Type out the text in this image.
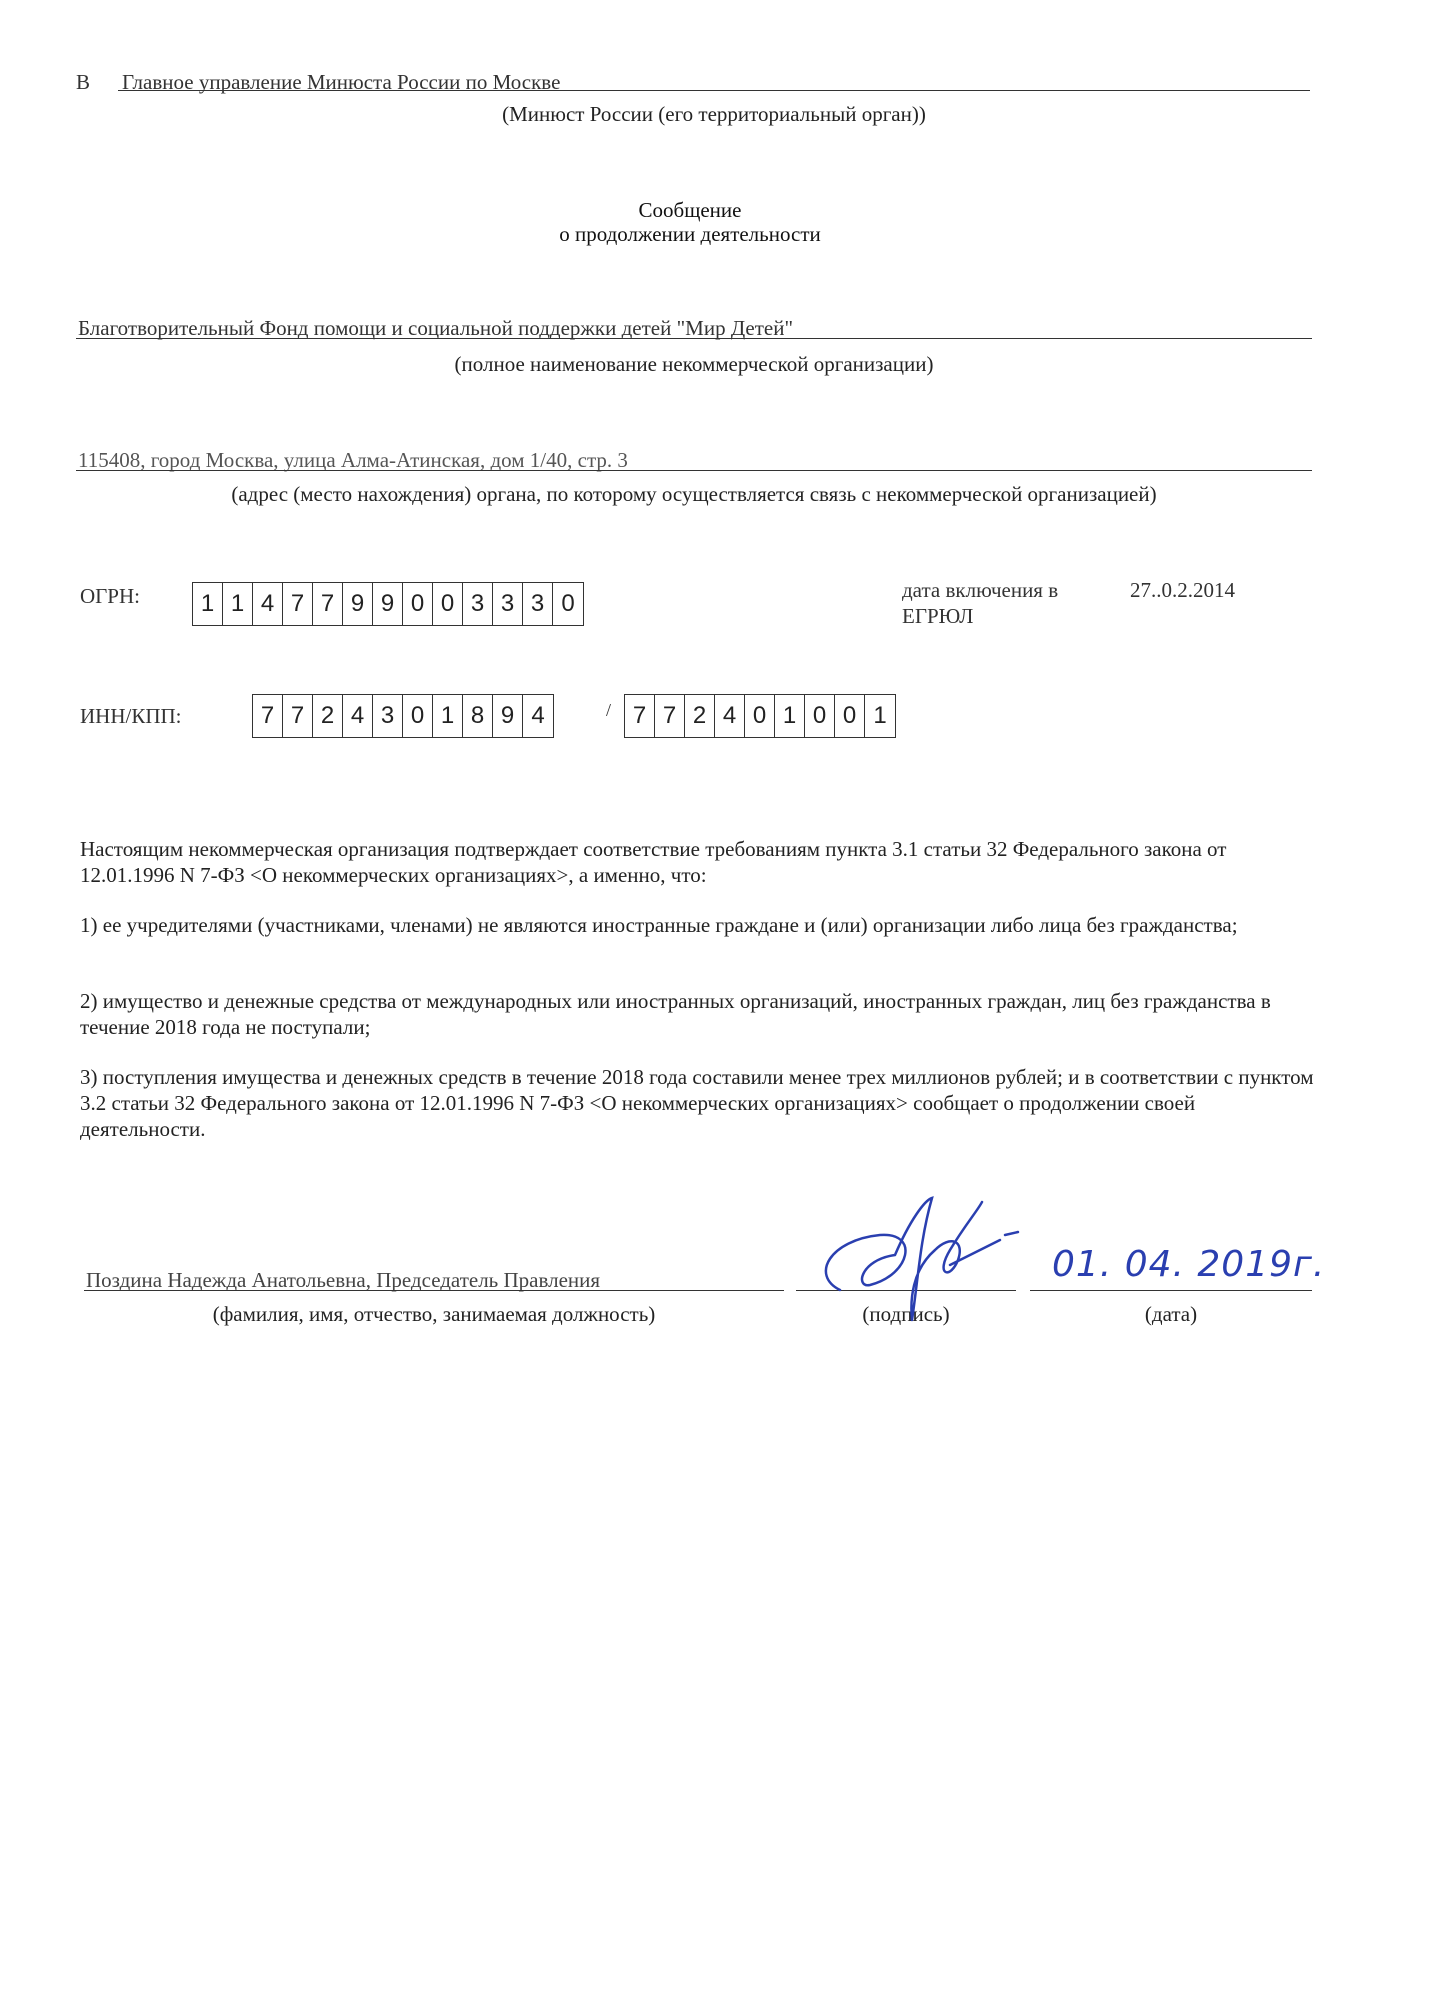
В Главное управление Минюста России по Москве
(Минюст России (его территориальный орган))
Сообщение
о продолжении деятельности
Благотворительный Фонд помощи и социальной поддержки детей "Мир Детей"
(полное наименование некоммерческой организации)
115408, город Москва, улица Алма-Атинская, дом 1/40, стр. 3
(адрес (место нахождения) органа, по которому осуществляется связь с некоммерческой организацией)
ОГРН:	1 1 4 7 7 9 9 0 0 3 3 3 0	дата включения в
ЕГРЮЛ
27..0.2.2014
ИНН/КПП:	7 7 2 4 3 0 1 8 9 4	/ 7 7 2 4 0 1 0 0 1
Настоящим некоммерческая организация подтверждает соответствие требованиям пункта 3.1 статьи 32 Федерального закона от 12.01.1996 N 7-ФЗ <О некоммерческих организациях>, а именно, что:
1) ее учредителями (участниками, членами) не являются иностранные граждане и (или) организации либо лица без гражданства;
2) имущество и денежные средства от международных или иностранных организаций, иностранных граждан, лиц без гражданства в течение 2018 года не поступали;
3) поступления имущества и денежных средств в течение 2018 года составили менее трех миллионов рублей; и в соответствии с пунктом 3.2 статьи 32 Федерального закона от 12.01.1996 N 7-ФЗ <О некоммерческих организациях> сообщает о продолжении своей деятельности.
Поздина Надежда Анатольевна, Председатель Правления
(фамилия, имя, отчество, занимаемая должность)	(подпись)
01. 04. 2019г.
(дата)
